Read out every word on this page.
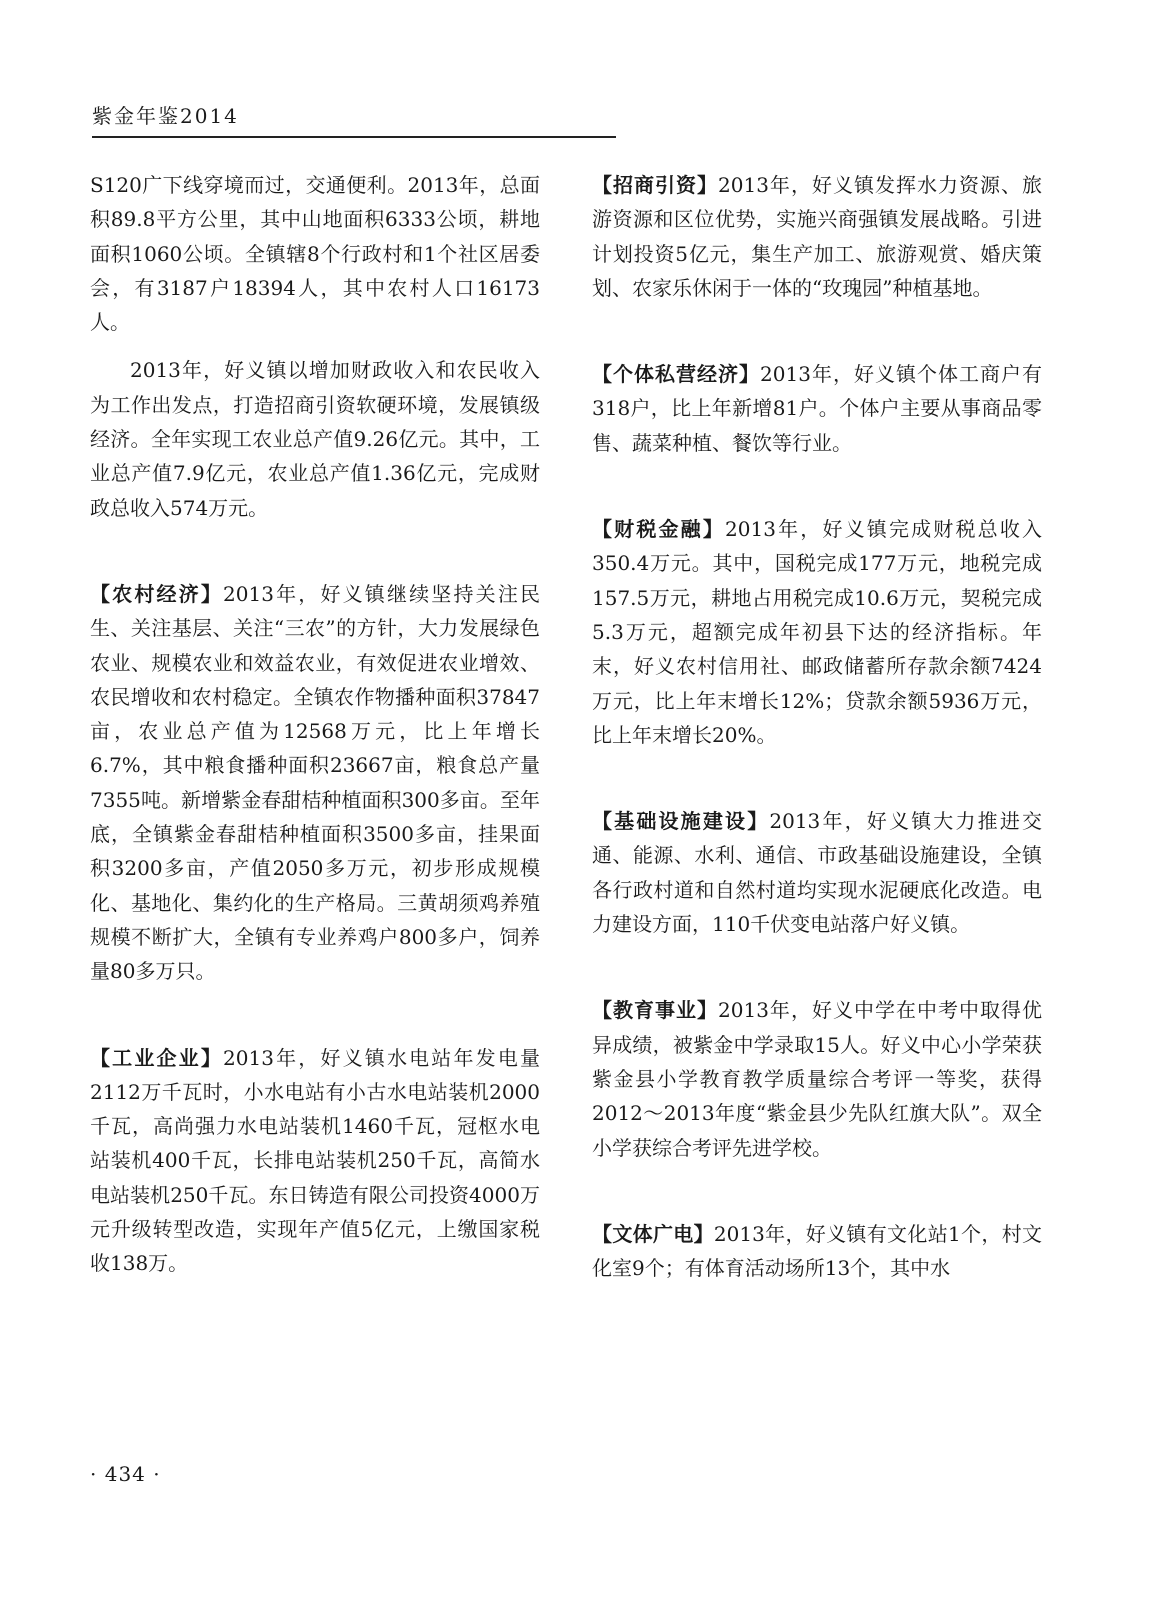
紫金年鉴2014

S120广下线穿境而过，交通便利。2013年，总面积89.8平方公里，其中山地面积6333公顷，耕地面积1060公顷。全镇辖8个行政村和1个社区居委会，有3187户18394人，其中农村人口16173人。

2013年，好义镇以增加财政收入和农民收入为工作出发点，打造招商引资软硬环境，发展镇级经济。全年实现工农业总产值9.26亿元。其中，工业总产值7.9亿元，农业总产值1.36亿元，完成财政总收入574万元。

【农村经济】2013年，好义镇继续坚持关注民生、关注基层、关注“三农”的方针，大力发展绿色农业、规模农业和效益农业，有效促进农业增效、农民增收和农村稳定。全镇农作物播种面积37847亩，农业总产值为12568万元，比上年增长6.7%，其中粮食播种面积23667亩，粮食总产量7355吨。新增紫金春甜桔种植面积300多亩。至年底，全镇紫金春甜桔种植面积3500多亩，挂果面积3200多亩，产值2050多万元，初步形成规模化、基地化、集约化的生产格局。三黄胡须鸡养殖规模不断扩大，全镇有专业养鸡户800多户，饲养量80多万只。

【工业企业】2013年，好义镇水电站年发电量2112万千瓦时，小水电站有小古水电站装机2000千瓦，高尚强力水电站装机1460千瓦，冠枢水电站装机400千瓦，长排电站装机250千瓦，高简水电站装机250千瓦。东日铸造有限公司投资4000万元升级转型改造，实现年产值5亿元，上缴国家税收138万。

【招商引资】2013年，好义镇发挥水力资源、旅游资源和区位优势，实施兴商强镇发展战略。引进计划投资5亿元，集生产加工、旅游观赏、婚庆策划、农家乐休闲于一体的“玫瑰园”种植基地。

【个体私营经济】2013年，好义镇个体工商户有318户，比上年新增81户。个体户主要从事商品零售、蔬菜种植、餐饮等行业。

【财税金融】2013年，好义镇完成财税总收入350.4万元。其中，国税完成177万元，地税完成157.5万元，耕地占用税完成10.6万元，契税完成5.3万元，超额完成年初县下达的经济指标。年末，好义农村信用社、邮政储蓄所存款余额7424万元，比上年末增长12%；贷款余额5936万元，比上年末增长20%。

【基础设施建设】2013年，好义镇大力推进交通、能源、水利、通信、市政基础设施建设，全镇各行政村道和自然村道均实现水泥硬底化改造。电力建设方面，110千伏变电站落户好义镇。

【教育事业】2013年，好义中学在中考中取得优异成绩，被紫金中学录取15人。好义中心小学荣获紫金县小学教育教学质量综合考评一等奖，获得2012～2013年度“紫金县少先队红旗大队”。双全小学获综合考评先进学校。

【文体广电】2013年，好义镇有文化站1个，村文化室9个；有体育活动场所13个，其中水

· 434 ·
